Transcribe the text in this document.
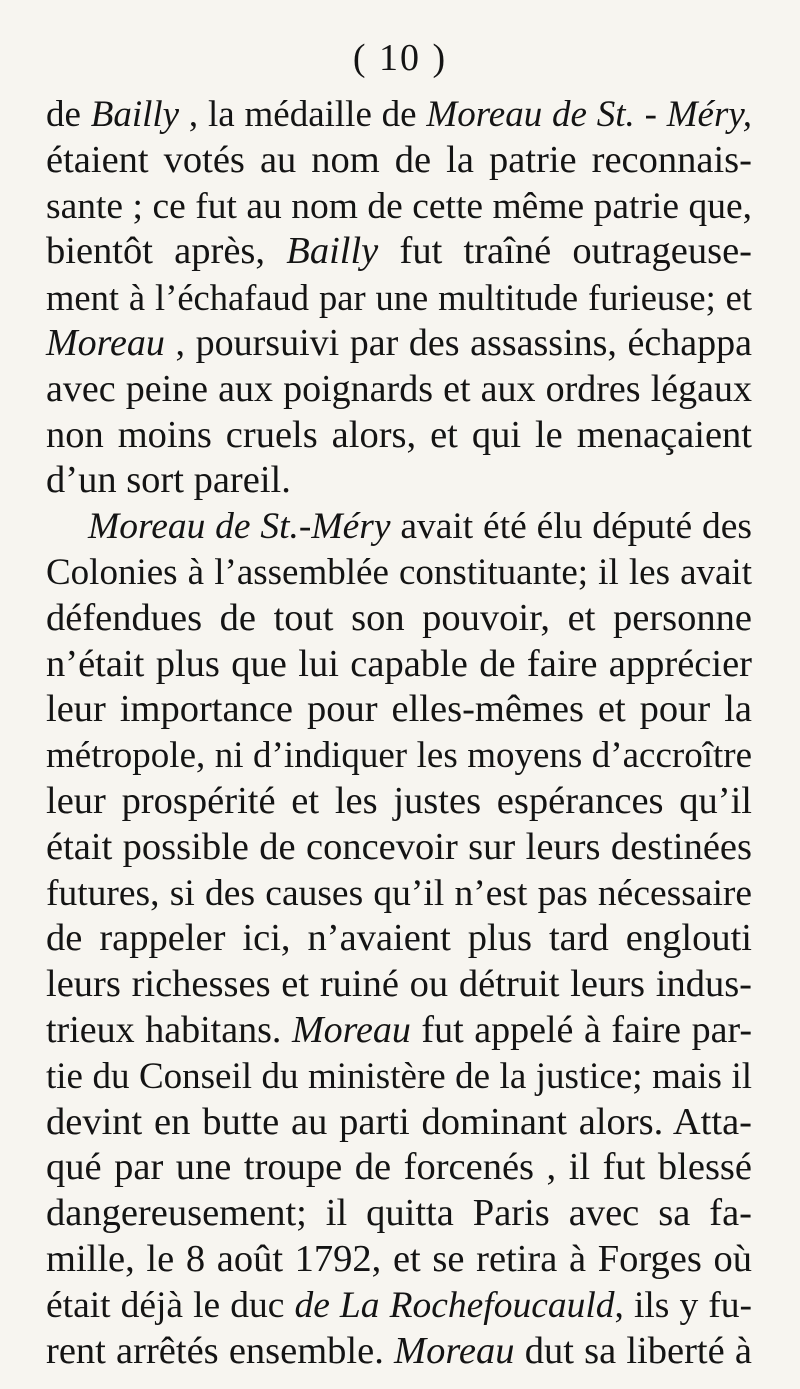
( 10 )
de Bailly , la médaille de Moreau de St. - Méry,
étaient votés au nom de la patrie reconnais-
sante ; ce fut au nom de cette même patrie que,
bientôt après, Bailly fut traîné outrageuse-
ment à l’échafaud par une multitude furieuse; et
Moreau , poursuivi par des assassins, échappa
avec peine aux poignards et aux ordres légaux
non moins cruels alors, et qui le menaçaient
d’un sort pareil.
Moreau de St.-Méry avait été élu député des
Colonies à l’assemblée constituante; il les avait
défendues de tout son pouvoir, et personne
n’était plus que lui capable de faire apprécier
leur importance pour elles-mêmes et pour la
métropole, ni d’indiquer les moyens d’accroître
leur prospérité et les justes espérances qu’il
était possible de concevoir sur leurs destinées
futures, si des causes qu’il n’est pas nécessaire
de rappeler ici, n’avaient plus tard englouti
leurs richesses et ruiné ou détruit leurs indus-
trieux habitans. Moreau fut appelé à faire par-
tie du Conseil du ministère de la justice; mais il
devint en butte au parti dominant alors. Atta-
qué par une troupe de forcenés , il fut blessé
dangereusement; il quitta Paris avec sa fa-
mille, le 8 août 1792, et se retira à Forges où
était déjà le duc de La Rochefoucauld, ils y fu-
rent arrêtés ensemble. Moreau dut sa liberté à
